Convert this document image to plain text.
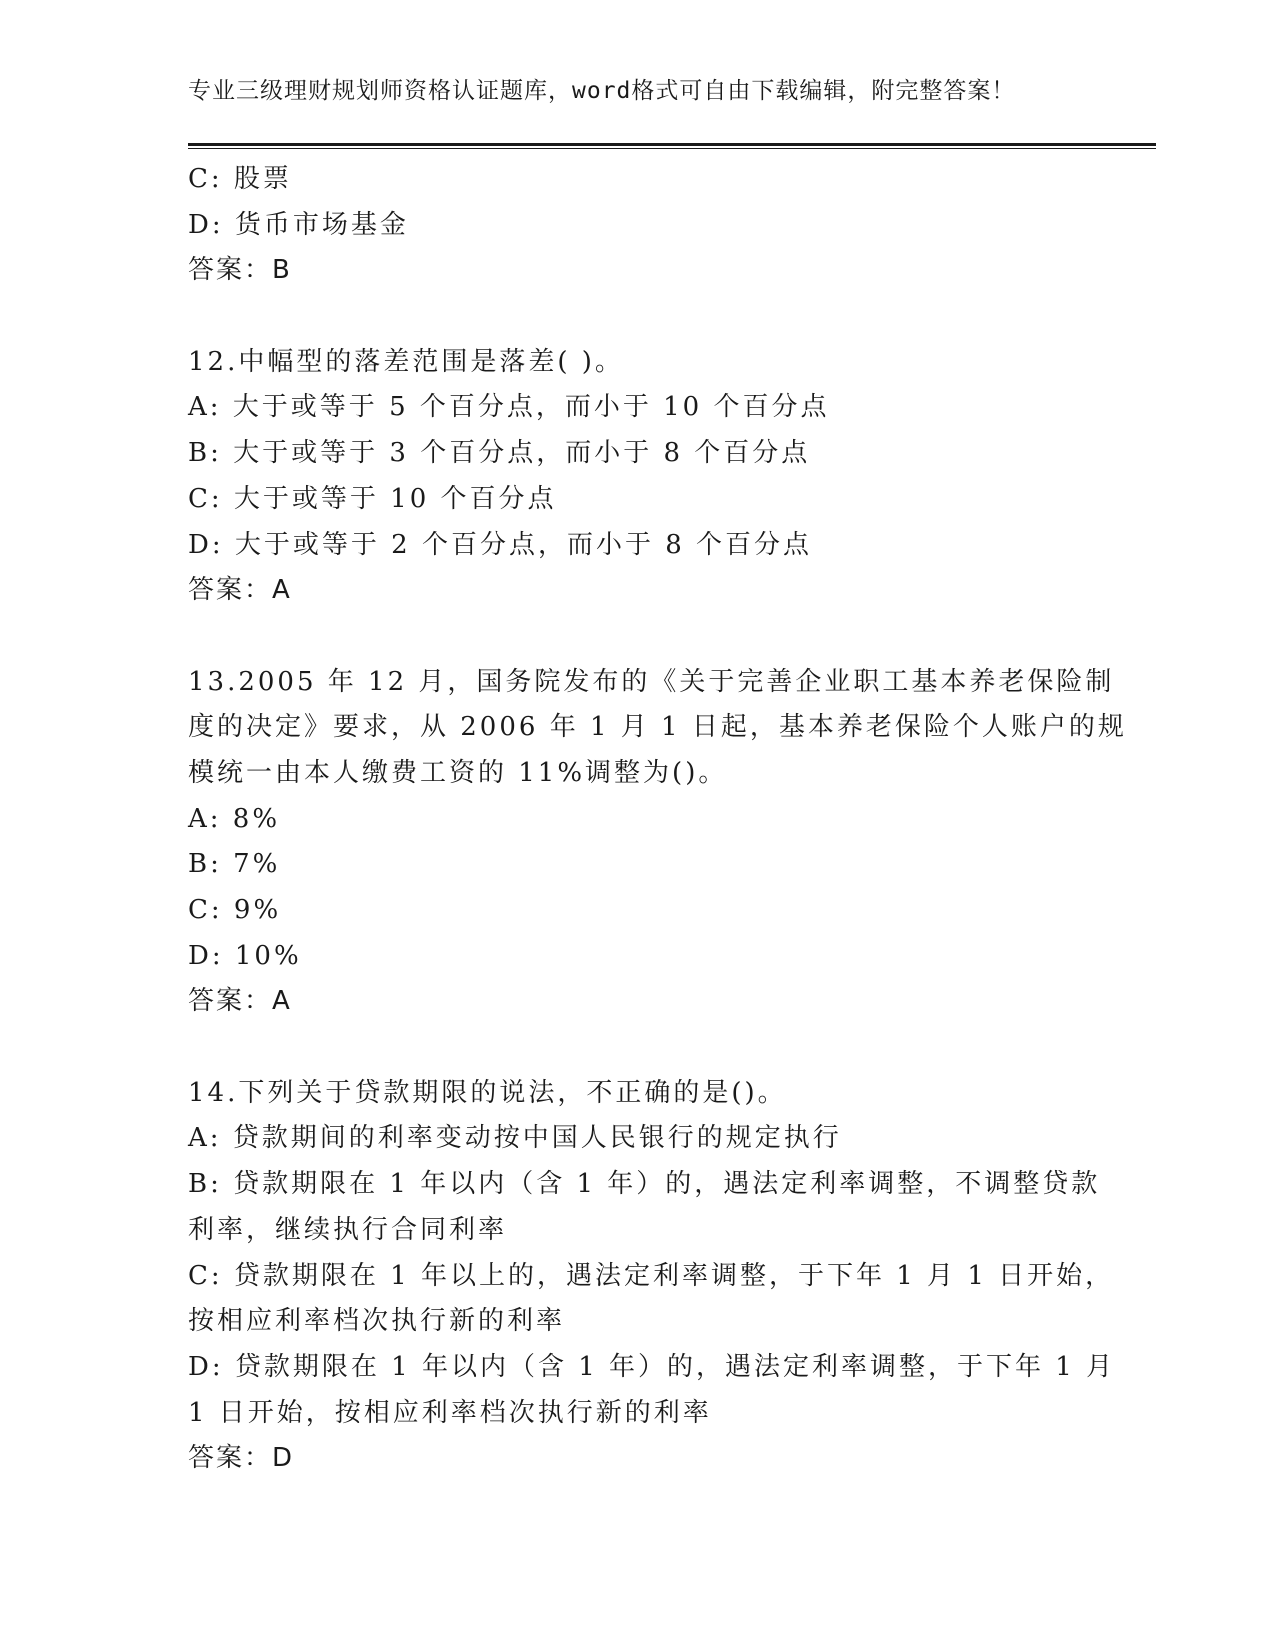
专业三级理财规划师资格认证题库，word格式可自由下载编辑，附完整答案！
C: 股票
D: 货币市场基金
答案：B
12.中幅型的落差范围是落差( )。
A: 大于或等于 5 个百分点，而小于 10 个百分点
B: 大于或等于 3 个百分点，而小于 8 个百分点
C: 大于或等于 10 个百分点
D: 大于或等于 2 个百分点，而小于 8 个百分点
答案：A
13.2005 年 12 月，国务院发布的《关于完善企业职工基本养老保险制
度的决定》要求，从 2006 年 1 月 1 日起，基本养老保险个人账户的规
模统一由本人缴费工资的 11%调整为()。
A: 8%
B: 7%
C: 9%
D: 10%
答案：A
14.下列关于贷款期限的说法，不正确的是()。
A: 贷款期间的利率变动按中国人民银行的规定执行
B: 贷款期限在 1 年以内（含 1 年）的，遇法定利率调整，不调整贷款
利率，继续执行合同利率
C: 贷款期限在 1 年以上的，遇法定利率调整，于下年 1 月 1 日开始，
按相应利率档次执行新的利率
D: 贷款期限在 1 年以内（含 1 年）的，遇法定利率调整，于下年 1 月
1 日开始，按相应利率档次执行新的利率
答案：D
